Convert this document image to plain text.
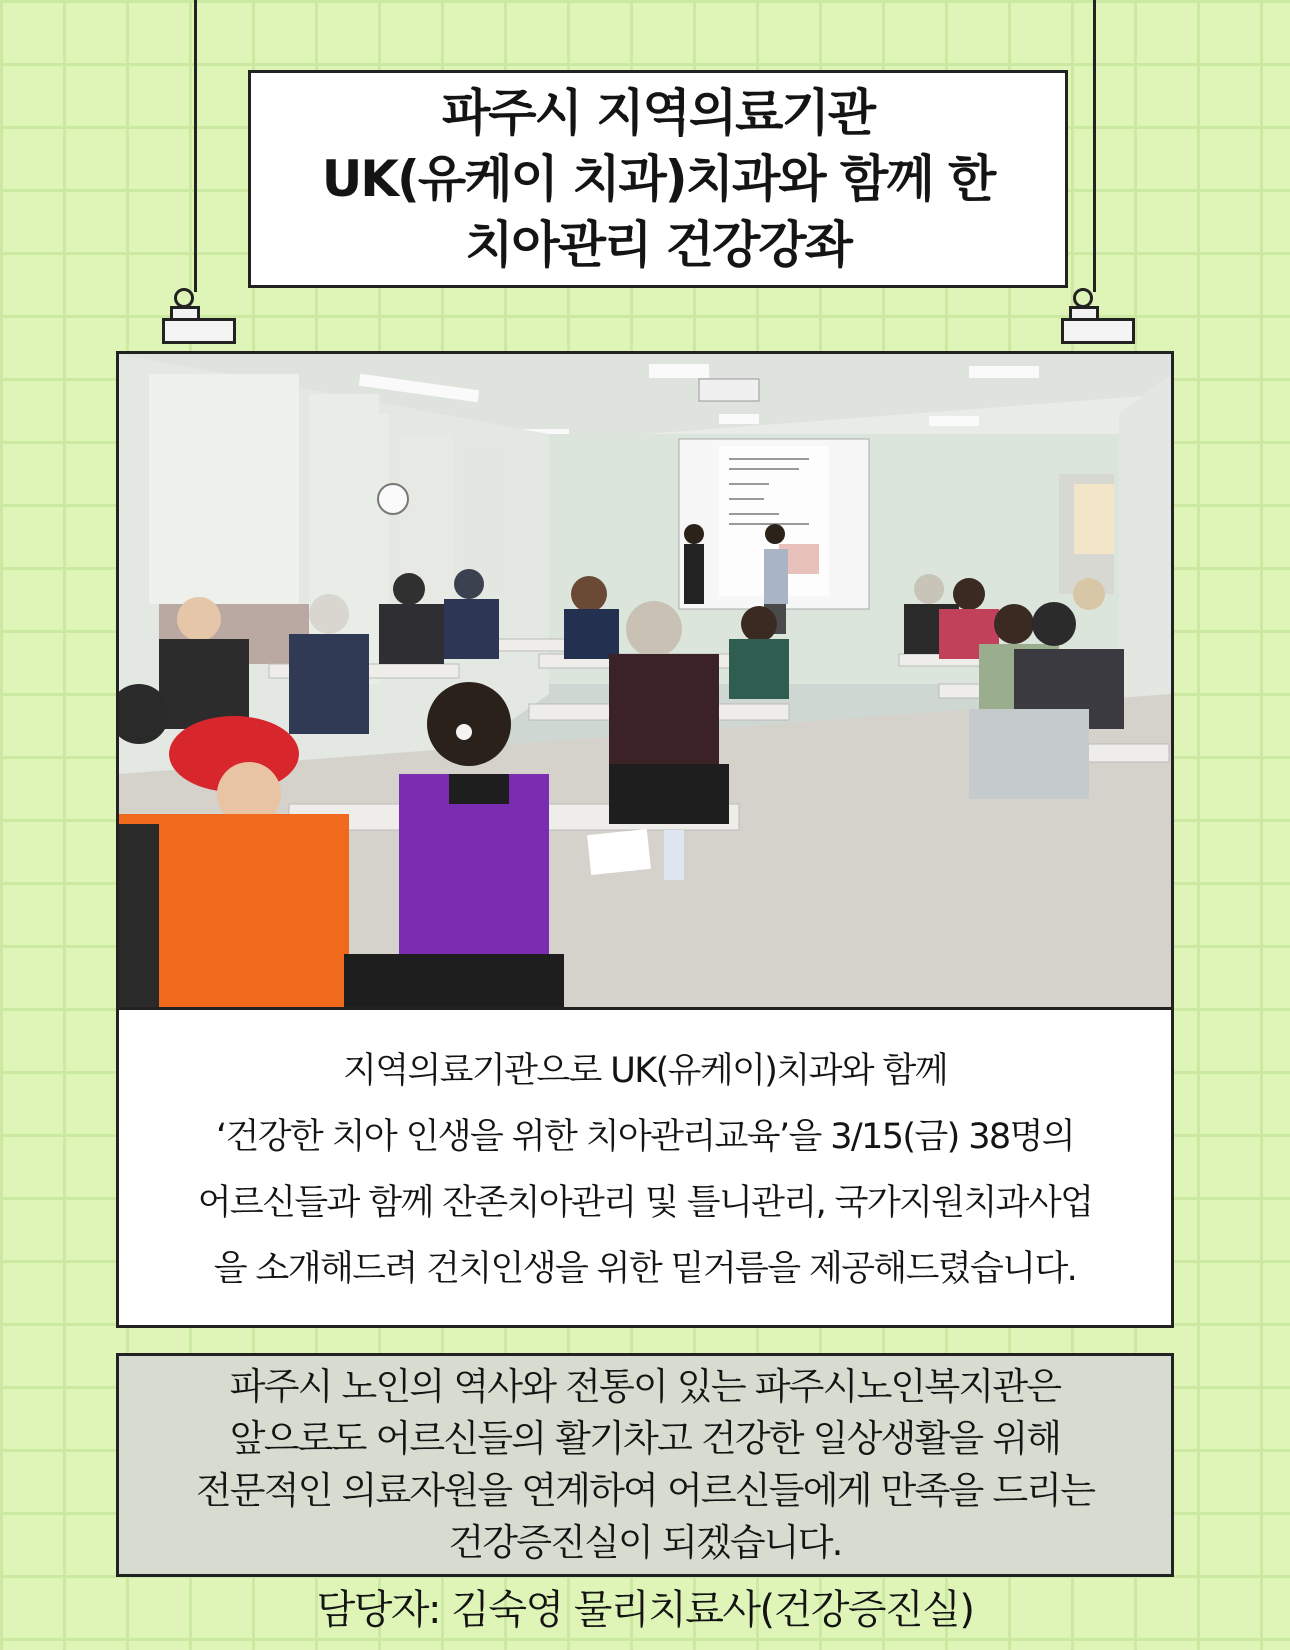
파주시 지역의료기관
UK(유케이 치과)치과와 함께 한
치아관리 건강강좌
지역의료기관으로 UK(유케이)치과와 함께
‘건강한 치아 인생을 위한 치아관리교육’을 3/15(금) 38명의
어르신들과 함께 잔존치아관리 및 틀니관리, 국가지원치과사업
을 소개해드려 건치인생을 위한 밑거름을 제공해드렸습니다.
파주시 노인의 역사와 전통이 있는 파주시노인복지관은
앞으로도 어르신들의 활기차고 건강한 일상생활을 위해
전문적인 의료자원을 연계하여 어르신들에게 만족을 드리는
건강증진실이 되겠습니다.
담당자: 김숙영 물리치료사(건강증진실)
